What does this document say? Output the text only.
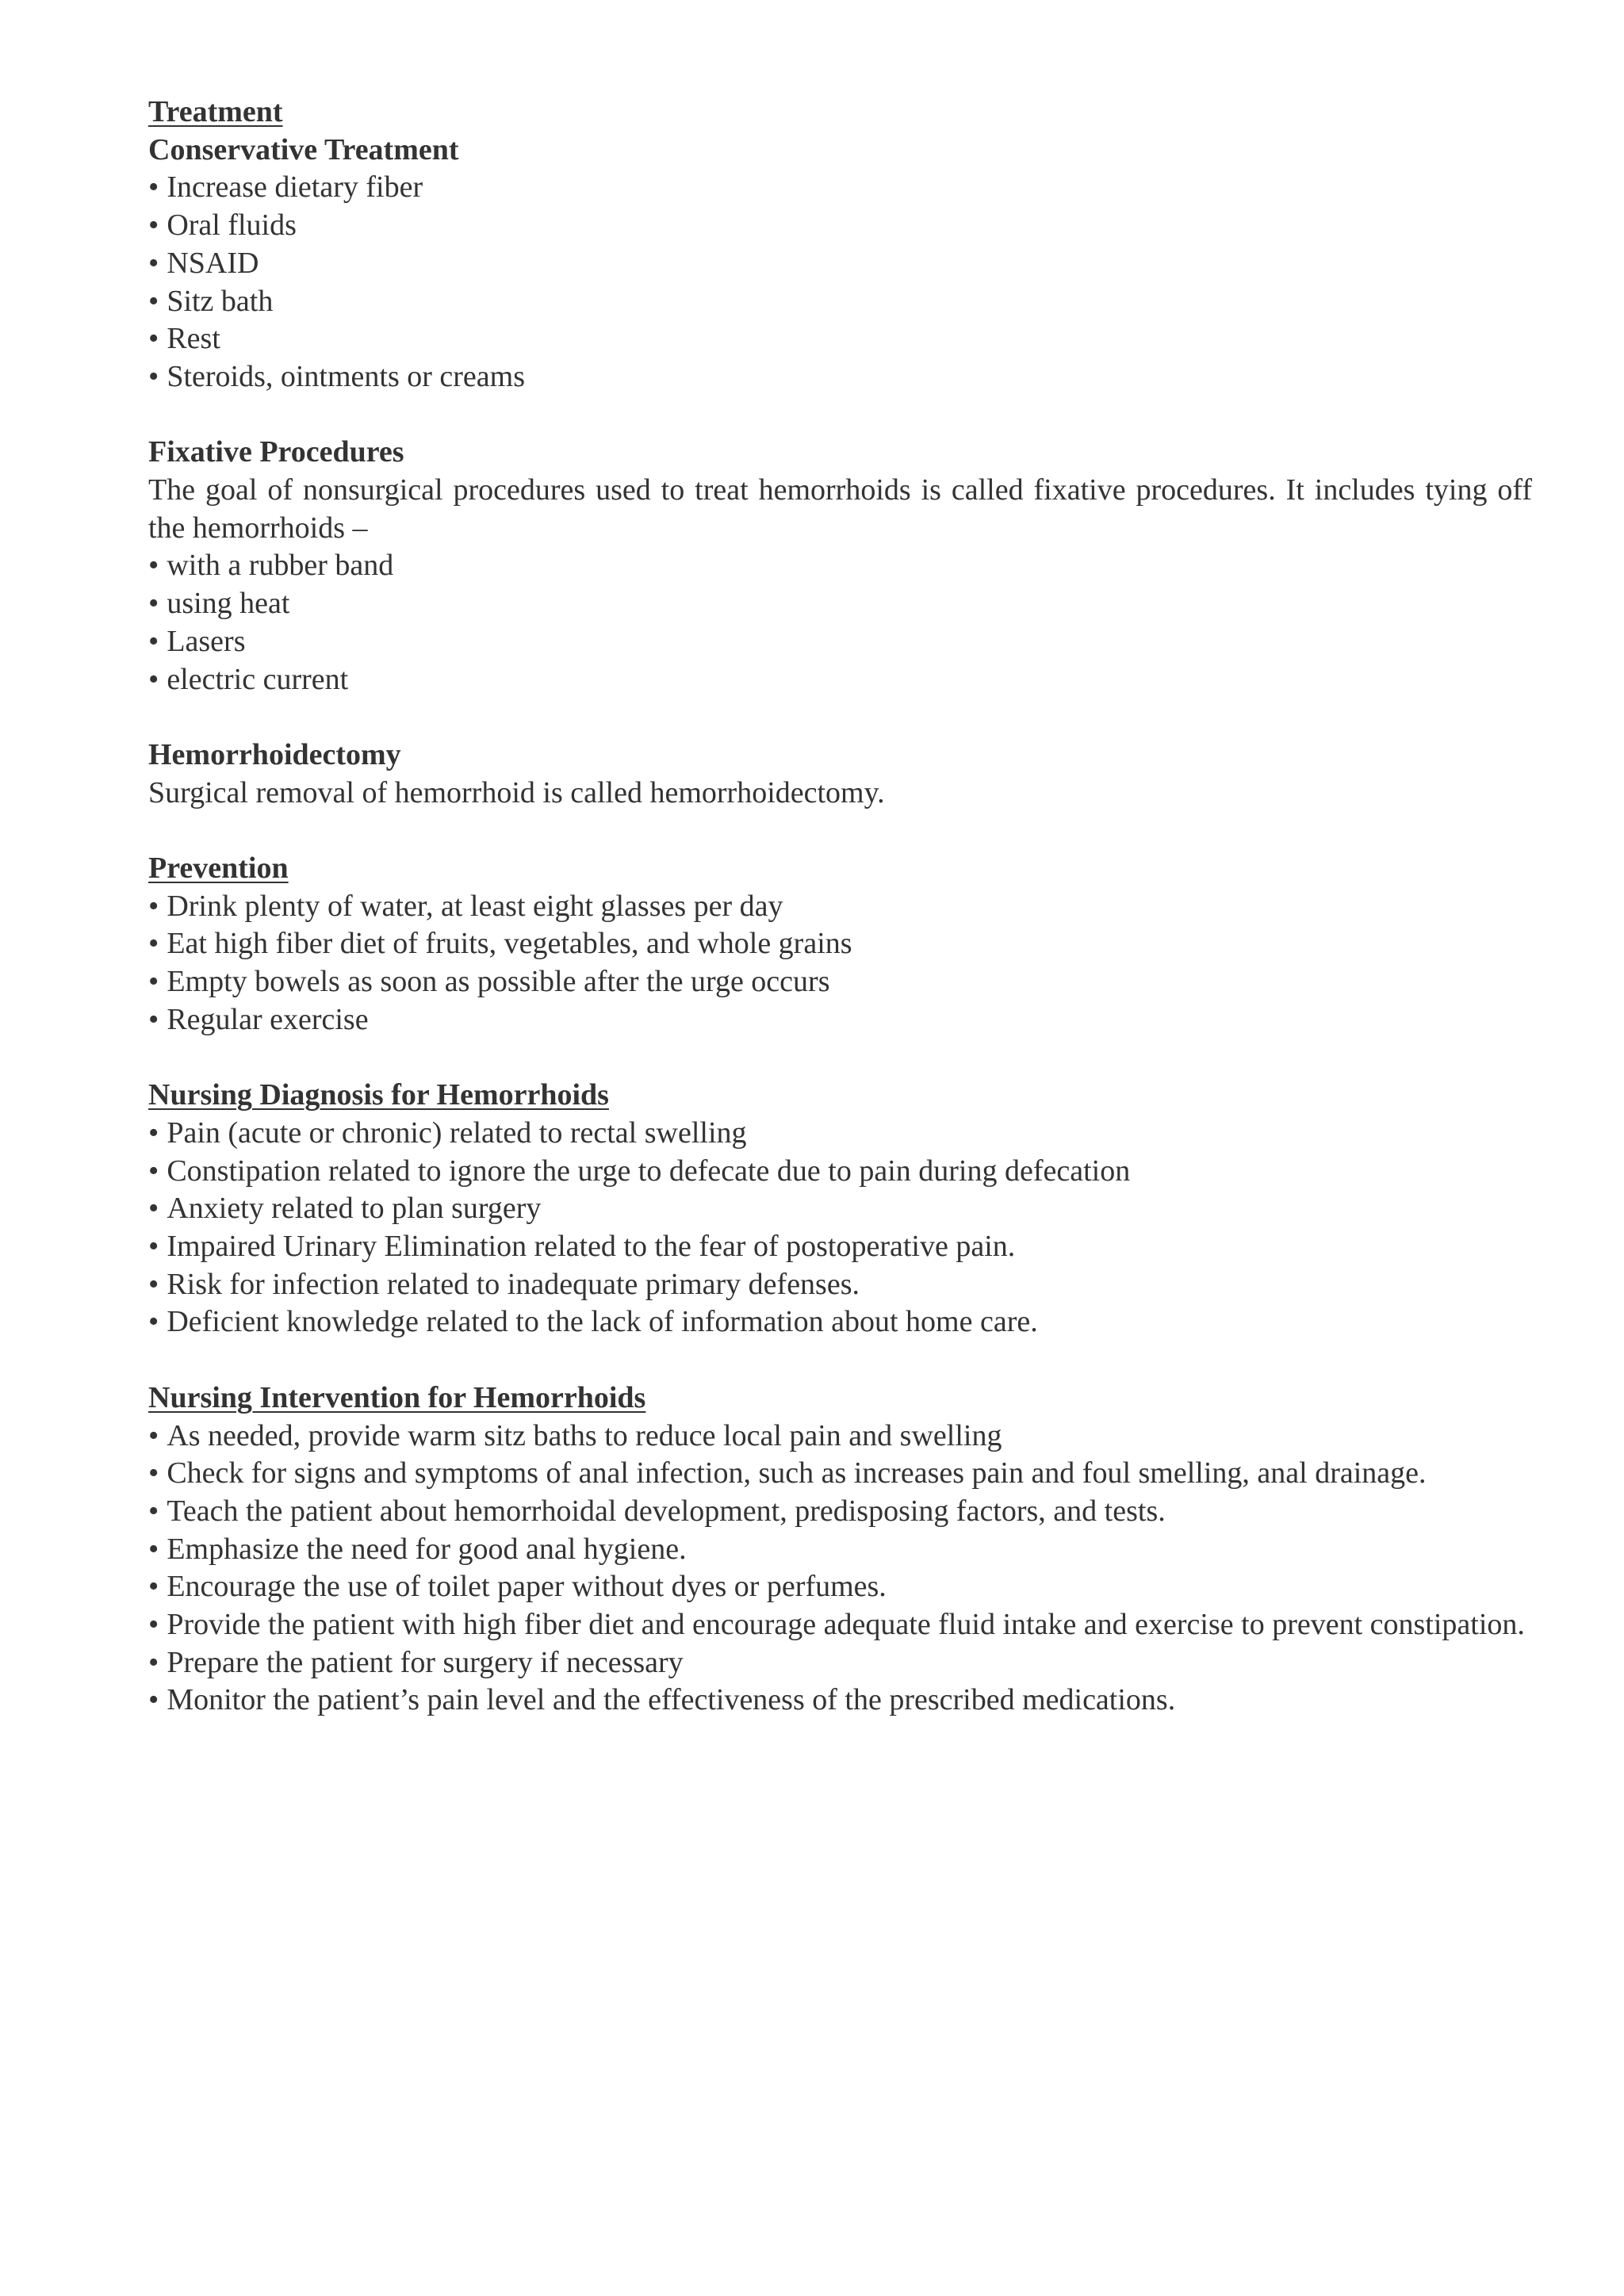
Treatment
Conservative Treatment
• Increase dietary fiber
• Oral fluids
• NSAID
• Sitz bath
• Rest
• Steroids, ointments or creams
Fixative Procedures

The goal of nonsurgical procedures used to treat hemorrhoids is called fixative procedures. It includes tying off the hemorrhoids –

• with a rubber band
• using heat
• Lasers
• electric current
Hemorrhoidectomy

Surgical removal of hemorrhoid is called hemorrhoidectomy.

Prevention
• Drink plenty of water, at least eight glasses per day
• Eat high fiber diet of fruits, vegetables, and whole grains
• Empty bowels as soon as possible after the urge occurs
• Regular exercise
Nursing Diagnosis for Hemorrhoids
• Pain (acute or chronic) related to rectal swelling
• Constipation related to ignore the urge to defecate due to pain during defecation
• Anxiety related to plan surgery
• Impaired Urinary Elimination related to the fear of postoperative pain.
• Risk for infection related to inadequate primary defenses.
• Deficient knowledge related to the lack of information about home care.
Nursing Intervention for Hemorrhoids
• As needed, provide warm sitz baths to reduce local pain and swelling
• Check for signs and symptoms of anal infection, such as increases pain and foul smelling, anal drainage.
• Teach the patient about hemorrhoidal development, predisposing factors, and tests.
• Emphasize the need for good anal hygiene.
• Encourage the use of toilet paper without dyes or perfumes.
• Provide the patient with high fiber diet and encourage adequate fluid intake and exercise to prevent constipation.
• Prepare the patient for surgery if necessary
• Monitor the patient’s pain level and the effectiveness of the prescribed medications.
